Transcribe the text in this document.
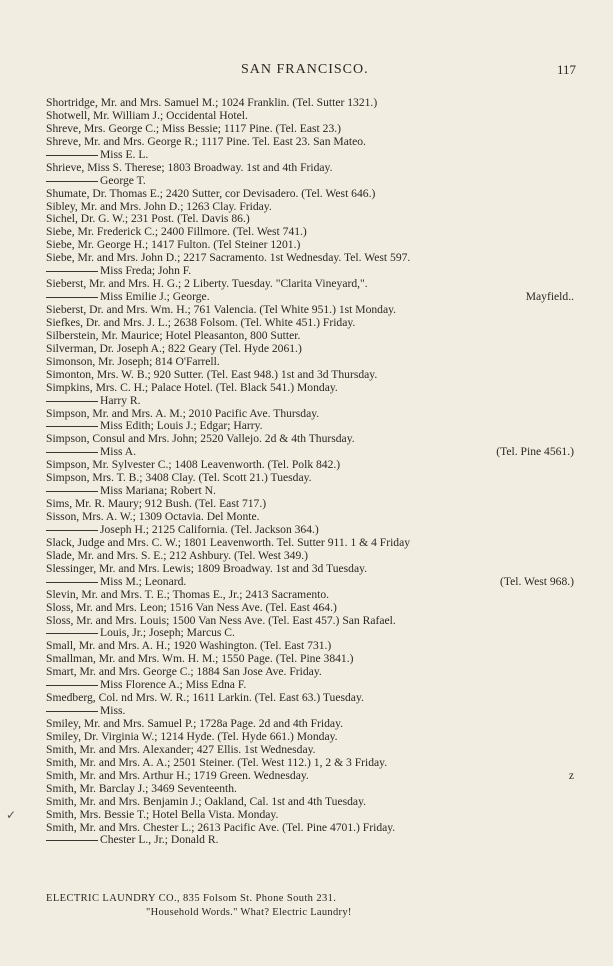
SAN FRANCISCO.	117
Shortridge, Mr. and Mrs. Samuel M.; 1024 Franklin. (Tel. Sutter 1321.)
Shotwell, Mr. William J.; Occidental Hotel.
Shreve, Mrs. George C.; Miss Bessie; 1117 Pine. (Tel. East 23.)
Shreve, Mr. and Mrs. George R.; 1117 Pine. Tel. East 23. San Mateo.
Miss E. L.
Shrieve, Miss S. Therese; 1803 Broadway. 1st and 4th Friday.
George T.
Shumate, Dr. Thomas E.; 2420 Sutter, cor Devisadero. (Tel. West 646.)
Sibley, Mr. and Mrs. John D.; 1263 Clay. Friday.
Sichel, Dr. G. W.; 231 Post. (Tel. Davis 86.)
Siebe, Mr. Frederick C.; 2400 Fillmore. (Tel. West 741.)
Siebe, Mr. George H.; 1417 Fulton. (Tel Steiner 1201.)
Siebe, Mr. and Mrs. John D.; 2217 Sacramento. 1st Wednesday. Tel. West 597.
Miss Freda; John F.
Sieberst, Mr. and Mrs. H. G.; 2 Liberty. Tuesday. "Clarita Vineyard,".
Miss Emilie J.; George.	Mayfield..
Sieberst, Dr. and Mrs. Wm. H.; 761 Valencia. (Tel White 951.) 1st Monday.
Siefkes, Dr. and Mrs. J. L.; 2638 Folsom. (Tel. White 451.) Friday.
Silberstein, Mr. Maurice; Hotel Pleasanton, 800 Sutter.
Silverman, Dr. Joseph A.; 822 Geary (Tel. Hyde 2061.)
Simonson, Mr. Joseph; 814 O'Farrell.
Simonton, Mrs. W. B.; 920 Sutter. (Tel. East 948.) 1st and 3d Thursday.
Simpkins, Mrs. C. H.; Palace Hotel. (Tel. Black 541.) Monday.
Harry R.
Simpson, Mr. and Mrs. A. M.; 2010 Pacific Ave. Thursday.
Miss Edith; Louis J.; Edgar; Harry.
Simpson, Consul and Mrs. John; 2520 Vallejo. 2d & 4th Thursday.
Miss A.	(Tel. Pine 4561.)
Simpson, Mr. Sylvester C.; 1408 Leavenworth. (Tel. Polk 842.)
Simpson, Mrs. T. B.; 3408 Clay. (Tel. Scott 21.) Tuesday.
Miss Mariana; Robert N.
Sims, Mr. R. Maury; 912 Bush. (Tel. East 717.)
Sisson, Mrs. A. W.; 1309 Octavia. Del Monte.
Joseph H.; 2125 California. (Tel. Jackson 364.)
Slack, Judge and Mrs. C. W.; 1801 Leavenworth. Tel. Sutter 911. 1 & 4 Friday
Slade, Mr. and Mrs. S. E.; 212 Ashbury. (Tel. West 349.)
Slessinger, Mr. and Mrs. Lewis; 1809 Broadway. 1st and 3d Tuesday.
Miss M.; Leonard.	(Tel. West 968.)
Slevin, Mr. and Mrs. T. E.; Thomas E., Jr.; 2413 Sacramento.
Sloss, Mr. and Mrs. Leon; 1516 Van Ness Ave. (Tel. East 464.)
Sloss, Mr. and Mrs. Louis; 1500 Van Ness Ave. (Tel. East 457.) San Rafael.
Louis, Jr.; Joseph; Marcus C.
Small, Mr. and Mrs. A. H.; 1920 Washington. (Tel. East 731.)
Smallman, Mr. and Mrs. Wm. H. M.; 1550 Page. (Tel. Pine 3841.)
Smart, Mr. and Mrs. George C.; 1884 San Jose Ave. Friday.
Miss Florence A.; Miss Edna F.
Smedberg, Col. nd Mrs. W. R.; 1611 Larkin. (Tel. East 63.) Tuesday.
Miss.
Smiley, Mr. and Mrs. Samuel P.; 1728a Page. 2d and 4th Friday.
Smiley, Dr. Virginia W.; 1214 Hyde. (Tel. Hyde 661.) Monday.
Smith, Mr. and Mrs. Alexander; 427 Ellis. 1st Wednesday.
Smith, Mr. and Mrs. A. A.; 2501 Steiner. (Tel. West 112.) 1, 2 & 3 Friday.
Smith, Mr. and Mrs. Arthur H.; 1719 Green. Wednesday.	z
Smith, Mr. Barclay J.; 3469 Seventeenth.
Smith, Mr. and Mrs. Benjamin J.; Oakland, Cal. 1st and 4th Tuesday.
Smith, Mrs. Bessie T.; Hotel Bella Vista. Monday.
Smith, Mr. and Mrs. Chester L.; 2613 Pacific Ave. (Tel. Pine 4701.) Friday.
Chester L., Jr.; Donald R.
✓
ELECTRIC LAUNDRY CO., 835 Folsom St. Phone South 231.
"Household Words." What? Electric Laundry!
